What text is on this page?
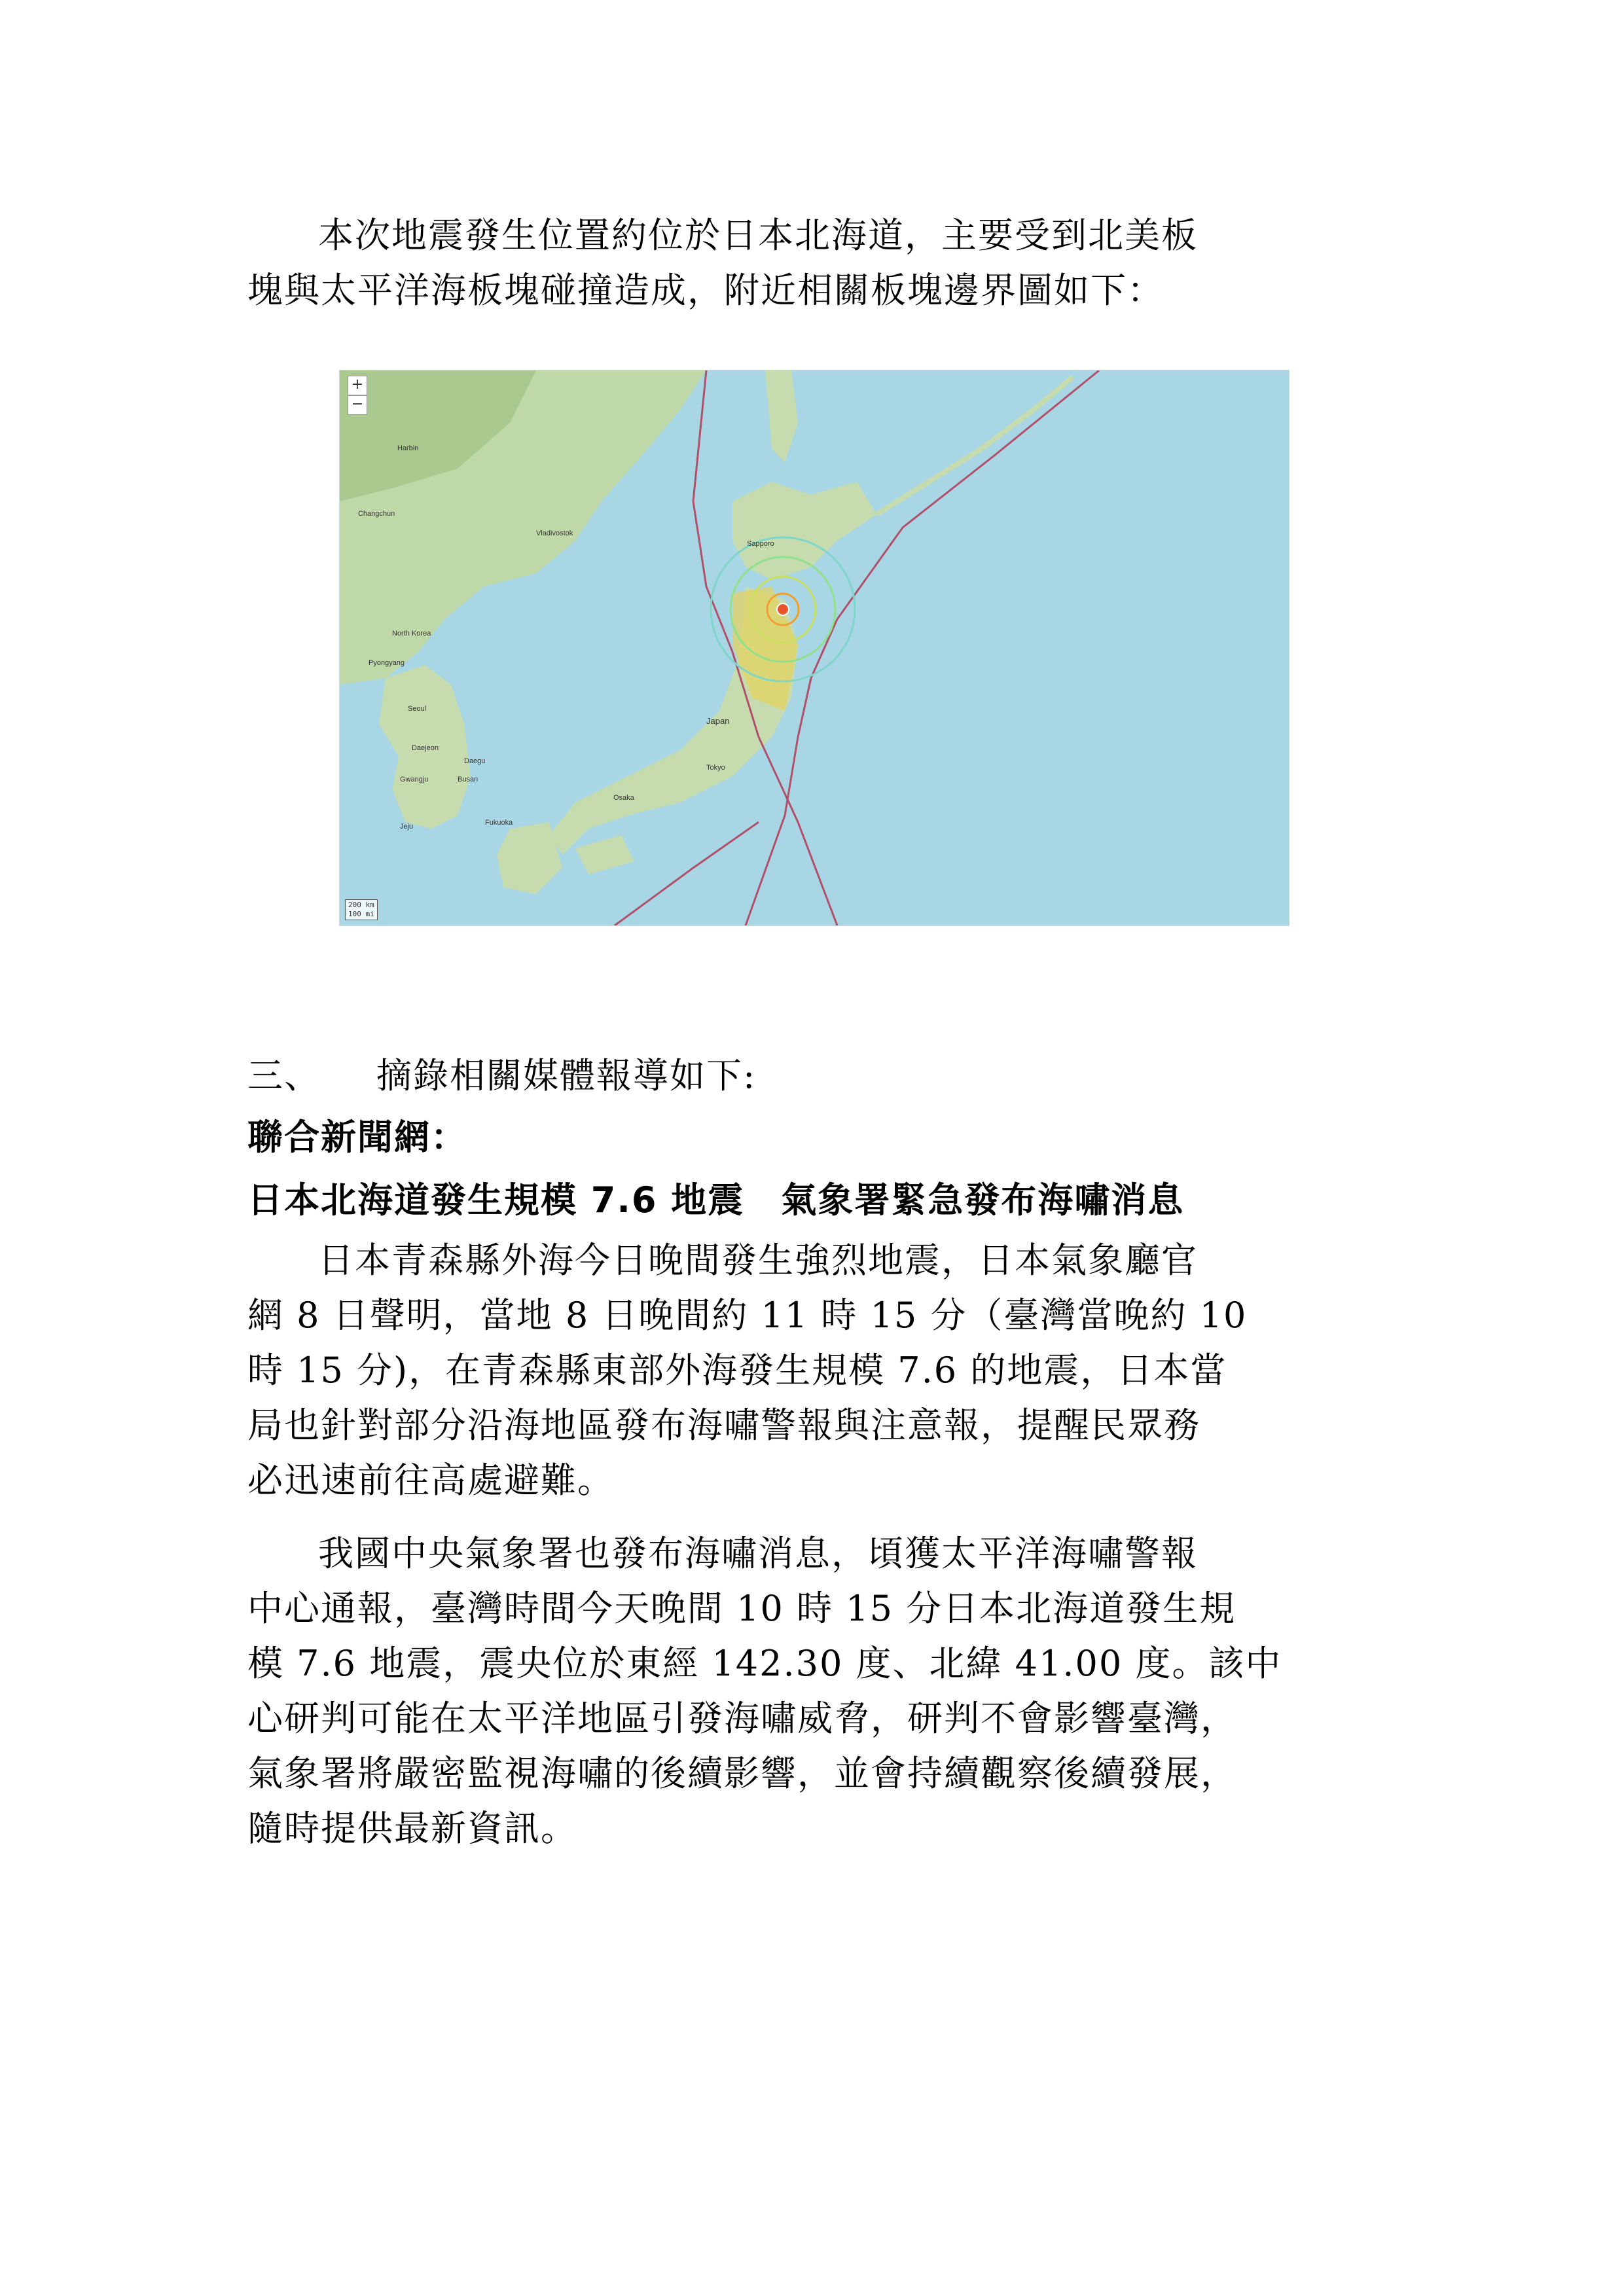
本次地震發生位置約位於日本北海道，主要受到北美板
塊與太平洋海板塊碰撞造成，附近相關板塊邊界圖如下：

Harbin
Changchun
Vladivostok
North Korea
Pyongyang
Seoul
Daejeon
Daegu
Gwangju	Busan
Jeju	Fukuoka
Osaka
Tokyo
Japan
Sapporo
+
−
200 km
100 mi

三、　　摘錄相關媒體報導如下:

聯合新聞網：

日本北海道發生規模 7.6 地震　氣象署緊急發布海嘯消息

日本青森縣外海今日晚間發生強烈地震，日本氣象廳官
網 8 日聲明，當地 8 日晚間約 11 時 15 分（臺灣當晚約 10
時 15 分)，在青森縣東部外海發生規模 7.6 的地震，日本當
局也針對部分沿海地區發布海嘯警報與注意報，提醒民眾務
必迅速前往高處避難。

我國中央氣象署也發布海嘯消息，頃獲太平洋海嘯警報
中心通報，臺灣時間今天晚間 10 時 15 分日本北海道發生規
模 7.6 地震，震央位於東經 142.30 度、北緯 41.00 度。該中
心研判可能在太平洋地區引發海嘯威脅，研判不會影響臺灣，
氣象署將嚴密監視海嘯的後續影響，並會持續觀察後續發展，
隨時提供最新資訊。
